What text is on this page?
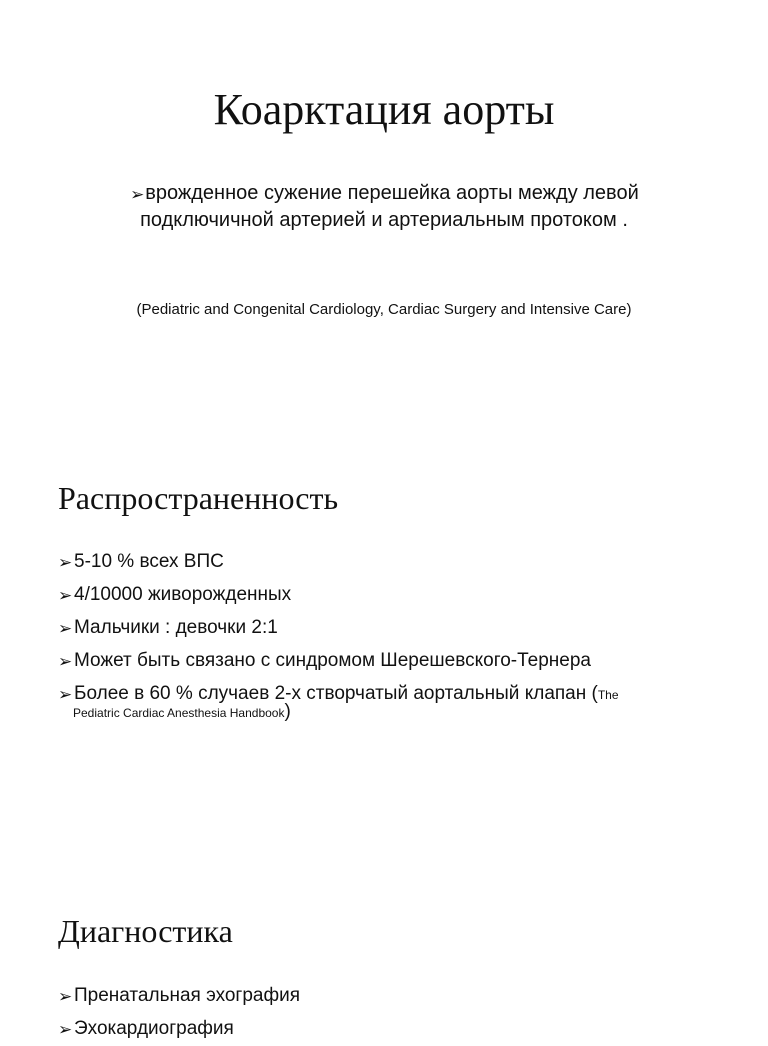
Коарктация аорты
➢врожденное сужение перешейка аорты между левой подключичной артерией и артериальным протоком .
(Pediatric and Congenital Cardiology, Cardiac Surgery and Intensive Care)
Распространенность
➢ 5-10 % всех ВПС
➢ 4/10000 живорожденных
➢ Мальчики : девочки 2:1
➢ Может быть связано с синдромом Шерешевского-Тернера
➢ Более в 60 % случаев 2-х створчатый аортальный клапан (The
Pediatric Cardiac Anesthesia Handbook)
Диагностика
➢ Пренатальная эхография
➢ Эхокардиография
